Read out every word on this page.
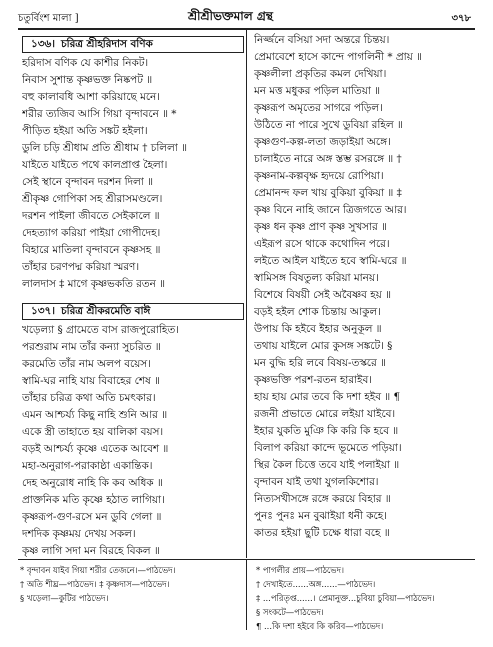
চতুর্বিংশ মালা ]	শ্রীশ্রীভক্তমাল গ্রন্থ	৩৭৮
১৩৬। চরিত্র শ্রীহরিদাস বণিক
হরিদাস বণিক যে কাশীর নিকট।
নিবাস সুশান্ত কৃষ্ণভক্ত নিষ্কপট ॥
বহু কালাবধি আশা করিয়াছে মনে।
শরীর ত্যজিব আসি গিয়া বৃন্দাবনে ॥ *
পীড়িত হইয়া অতি সঙ্কট হইলা।
ডুলি চড়ি শ্রীধাম প্রতি শ্রীধাম † চলিলা ॥
যাইতে যাইতে পথে কালপ্রাপ্ত হৈলা।
সেই স্থানে বৃন্দাবন দরশন দিলা ॥
শ্রীকৃষ্ণ গোপিকা সহ শ্রীরাসমণ্ডলে।
দরশন পাইলা জীবতে সেইকালে ॥
দেহত্যাগ করিয়া পাইয়া গোপীদেহ।
বিহারে মাতিলা বৃন্দাবনে কৃষ্ণসহ ॥
তাঁহার চরণপদ্ম করিয়া স্মরণ।
লালদাস ‡ মাগে কৃষ্ণভকতি রতন ॥
১৩৭। চরিত্র শ্রীকরমেতি বাঈ
খড়েল্যা § গ্রামেতে বাস রাজপুরোহিত।
পরশুরাম নাম তাঁর কন্যা সুচরিত ॥
করমেতি তাঁর নাম অলপ বয়েস।
স্বামি-ঘর নাহি যায় বিবাহের শেষ ॥
তাঁহার চরিত্র কথা অতি চমৎকার।
এমন আশ্চর্য্য কিছু নাহি শুনি আর ॥
একে স্ত্রী তাহাতে হয় বালিকা বয়স।
বড়ই আশ্চর্য্য কৃষ্ণে এতেক আবেশ ॥
মহা-অনুরাগ-পরাকাষ্ঠা একান্তিক।
দেহ অনুরোধ নাহি কি কব অধিক ॥
প্রাক্তনিক মতি কৃষ্ণে হঠাত লাগিয়া।
কৃষ্ণরূপ-গুণ-রসে মন ডুবি গেলা ॥
দশদিক কৃষ্ণময় দেখয় সকল।
কৃষ্ণ লাগি সদা মন বিরহে বিকল ॥
নির্জ্জনে বসিয়া সদা অন্তরে চিন্তয়।
প্রেমাবেশে হাসে কান্দে পাগলিনী * প্রায় ॥
কৃষ্ণলীলা প্রকৃতির কমল দেখিয়া।
মন মত্ত মধুকর পড়িল মাতিয়া ॥
কৃষ্ণরূপ অমৃতের সাগরে পড়িল।
উঠিতে না পারে সুখে ডুবিয়া রহিল ॥
কৃষ্ণগুণ-কল্প-লতা জড়াইয়া অঙ্গে।
চালাইতে নারে অঙ্গ স্তম্ভ রসরঙ্গে ॥ †
কৃষ্ণনাম-কল্পবৃক্ষ হৃদয়ে রোপিয়া।
প্রেমানন্দ ফল খায় বুকিয়া বুকিয়া ॥ ‡
কৃষ্ণ বিনে নাহি জানে ত্রিজগতে আর।
কৃষ্ণ ধন কৃষ্ণ প্রাণ কৃষ্ণ সুখসার ॥
এইরূপ রসে থাকে কথোদিন পরে।
লইতে আইল যাইতে হবে স্বামি-ঘরে ॥
স্বামিসঙ্গ বিষতুল্য করিয়া মানয়।
বিশেষে বিষয়ী সেই অবৈষ্ণব হয় ॥
বড়ই হইল শোক চিন্তায় আকুল।
উপায় কি হইবে ইহার অনুকূল ॥
তথায় যাইলে মোর কুসঙ্গ সঙ্কটে। §
মন বুদ্ধি হরি লবে বিষয়-তস্করে ॥
কৃষ্ণভক্তি পরশ-রতন হারাইব।
হায় হায় মোর তবে কি দশা হইব ॥ ¶
রজনী প্রভাতে মোরে লইয়া যাইবে।
ইহার যুকতি মুঞি কি করি কি হবে ॥
বিলাপ করিয়া কান্দে ভূমেতে পড়িয়া।
স্থির কৈল চিত্তে তবে যাই পলাইয়া ॥
বৃন্দাবন যাই তথা যুগলকিশোর।
নিত্যসখীসঙ্গে রঙ্গে করয়ে বিহার ॥
পুনঃ পুনঃ মন বুঝাইয়া ধনী কহে।
কাতর হইয়া ছুটি চক্ষে ধারা বহে ॥
* বৃন্দাবন যাইব গিয়া শরীর তেজনে।—পাঠভেদ।
† অতি শীঘ্র—পাঠভেদ। ‡ কৃষ্ণদাস—পাঠভেদ।
§ খড়েলা—কুটির পাঠভেদ।
* পাগলীর প্রায়—পাঠভেদ।
† দেখাইতে......অঙ্গ......—পাঠভেদ।
‡ ...পরিতৃপ্ত......। প্রেমানুক্ত...চুবিয়া চুবিয়া—পাঠভেদ।
§ সংকটে—পাঠভেদ।
¶ ...কি দশা হইবে কি করিব—পাঠভেদ।
